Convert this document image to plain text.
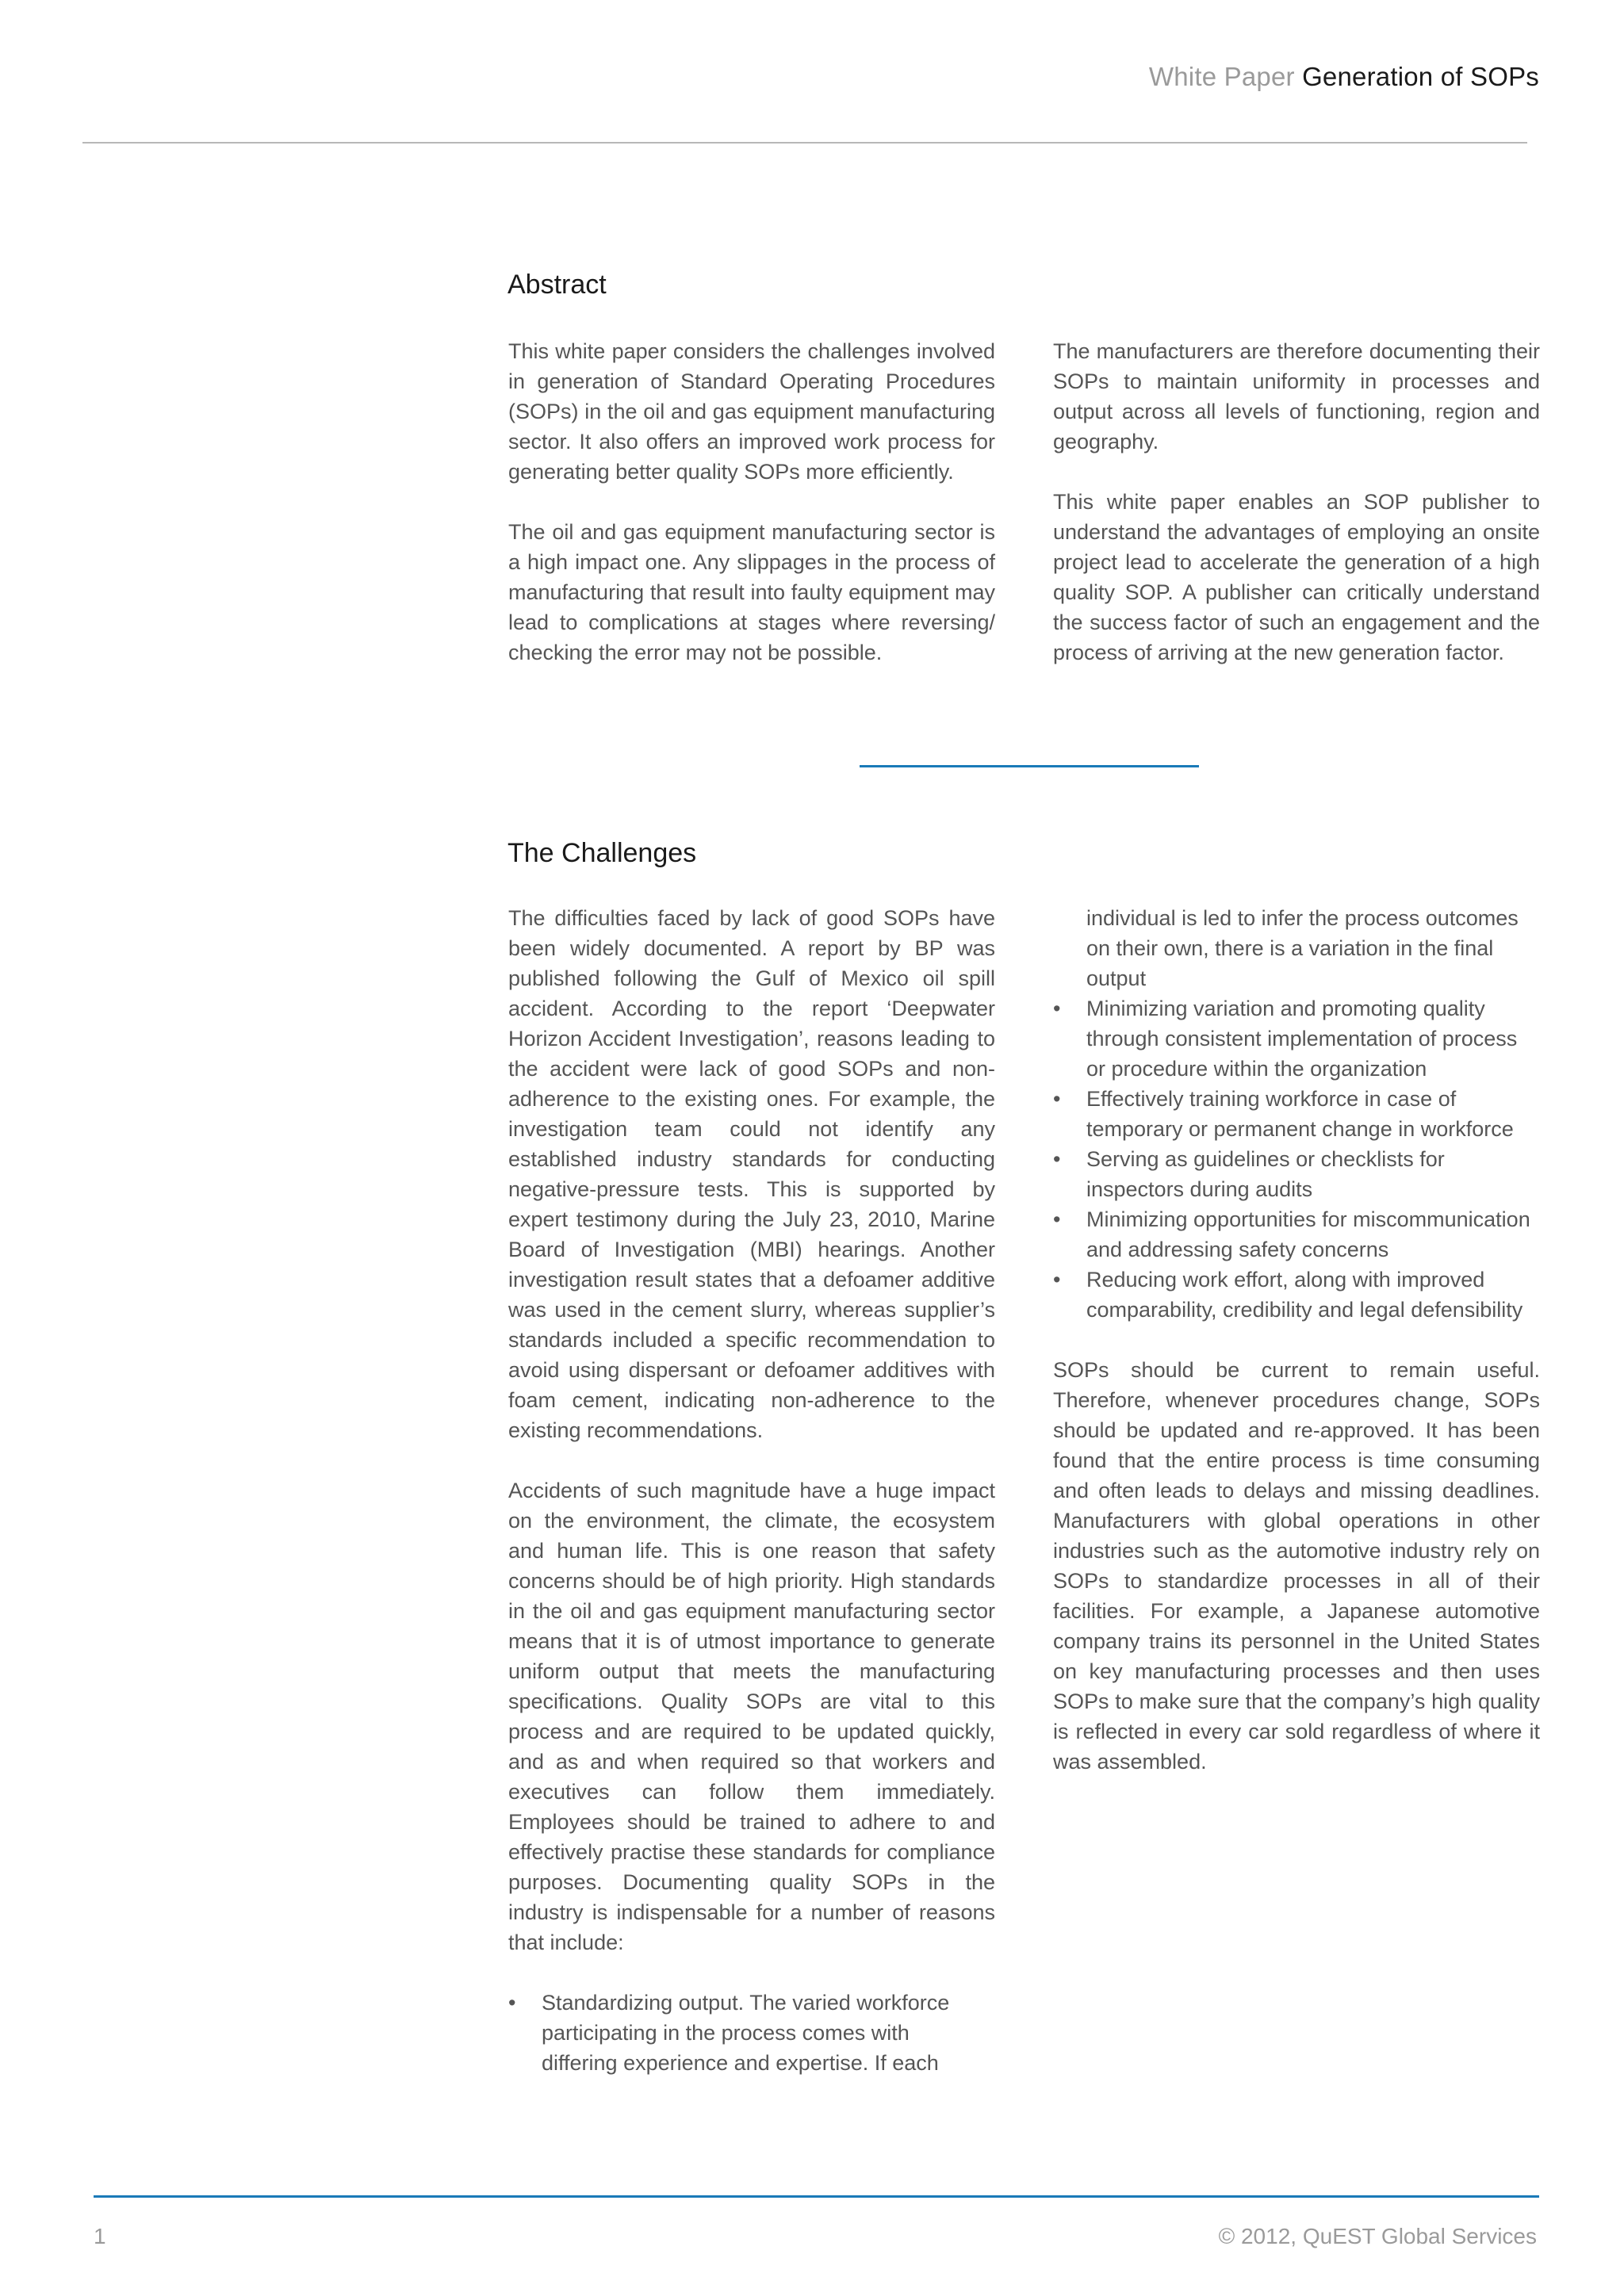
White Paper Generation of SOPs
Abstract

This white paper considers the challenges involved in generation of Standard Operating Procedures (SOPs) in the oil and gas equipment manufacturing sector. It also offers an improved work process for generating better quality SOPs more efficiently.

The oil and gas equipment manufacturing sector is a high impact one. Any slippages in the process of manufacturing that result into faulty equipment may lead to complications at stages where reversing/ checking the error may not be possible.

The manufacturers are therefore documenting their SOPs to maintain uniformity in processes and output across all levels of functioning, region and geography.

This white paper enables an SOP publisher to understand the advantages of employing an onsite project lead to accelerate the generation of a high quality SOP. A publisher can critically understand the success factor of such an engagement and the process of arriving at the new generation factor.

The Challenges

The difficulties faced by lack of good SOPs have been widely documented. A report by BP was published following the Gulf of Mexico oil spill accident. According to the report ‘Deepwater Horizon Accident Investigation’, reasons leading to the accident were lack of good SOPs and non-adherence to the existing ones. For example, the investigation team could not identify any established industry standards for conducting negative-pressure tests. This is supported by expert testimony during the July 23, 2010, Marine Board of Investigation (MBI) hearings. Another investigation result states that a defoamer additive was used in the cement slurry, whereas supplier’s standards included a specific recommendation to avoid using dispersant or defoamer additives with foam cement, indicating non-adherence to the existing recommendations.

Accidents of such magnitude have a huge impact on the environment, the climate, the ecosystem and human life. This is one reason that safety concerns should be of high priority. High standards in the oil and gas equipment manufacturing sector means that it is of utmost importance to generate uniform output that meets the manufacturing specifications. Quality SOPs are vital to this process and are required to be updated quickly, and as and when required so that workers and executives can follow them immediately. Employees should be trained to adhere to and effectively practise these standards for compliance purposes. Documenting quality SOPs in the industry is indispensable for a number of reasons that include:

• Standardizing output. The varied workforce participating in the process comes with differing experience and expertise. If each
individual is led to infer the process outcomes on their own, there is a variation in the final output
• Minimizing variation and promoting quality through consistent implementation of process or procedure within the organization
• Effectively training workforce in case of temporary or permanent change in workforce
• Serving as guidelines or checklists for inspectors during audits
• Minimizing opportunities for miscommunication and addressing safety concerns
• Reducing work effort, along with improved comparability, credibility and legal defensibility

SOPs should be current to remain useful. Therefore, whenever procedures change, SOPs should be updated and re-approved. It has been found that the entire process is time consuming and often leads to delays and missing deadlines. Manufacturers with global operations in other industries such as the automotive industry rely on SOPs to standardize processes in all of their facilities. For example, a Japanese automotive company trains its personnel in the United States on key manufacturing processes and then uses SOPs to make sure that the company’s high quality is reflected in every car sold regardless of where it was assembled.

1	© 2012, QuEST Global Services
